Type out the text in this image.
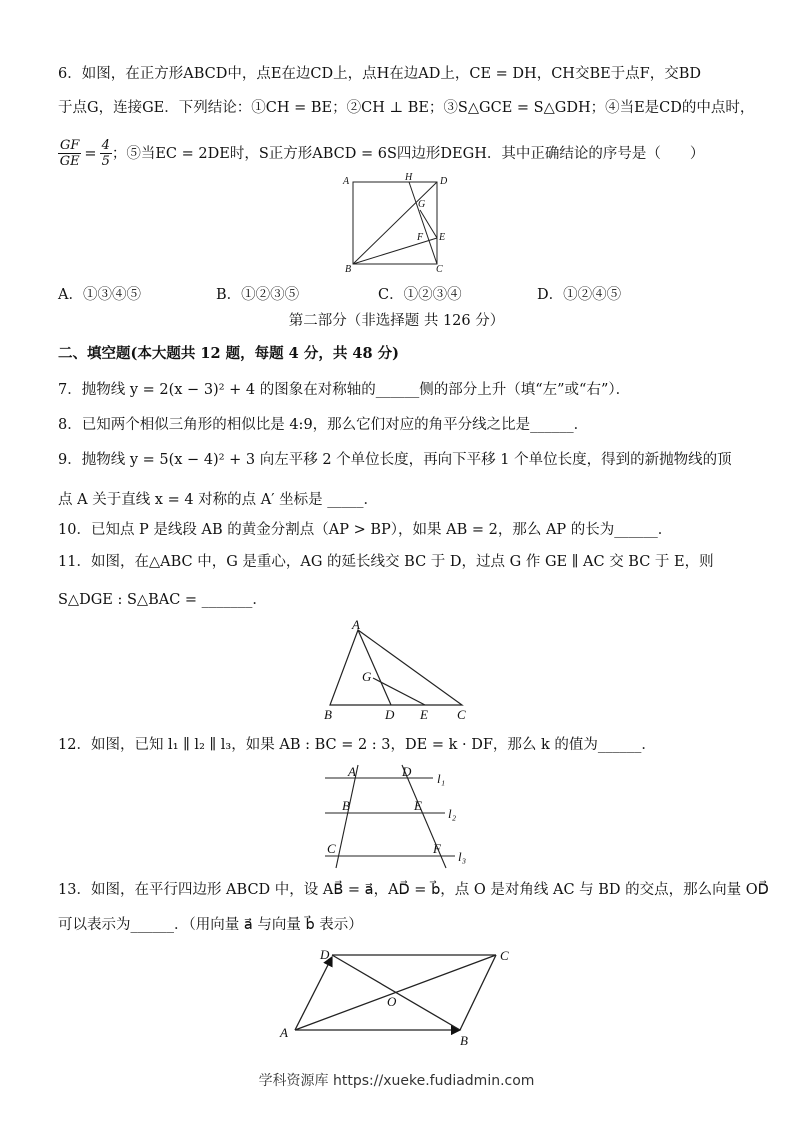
6．如图，在正方形ABCD中，点E在边CD上，点H在边AD上，CE = DH，CH交BE于点F，交BD
于点G，连接GE．下列结论：①CH = BE；②CH ⊥ BE；③S△GCE = S△GDH；④当E是CD的中点时，
$\frac{GF}{GE} = \frac{4}{5}$ ；⑤当EC = 2DE时，S正方形ABCD = 6S四边形DEGH．其中正确结论的序号是（　　）
A	H	D
G
F E
B	C
A．①③④⑤	B．①②③⑤	C．①②③④	D．①②④⑤
第二部分（非选择题 共 126 分）
二、填空题(本大题共 12 题，每题 4 分，共 48 分)
7．抛物线 y = 2(x − 3)² + 4 的图象在对称轴的______侧的部分上升（填“左”或“右”）．
8．已知两个相似三角形的相似比是 4:9，那么它们对应的角平分线之比是______．
9．抛物线 y = 5(x − 4)² + 3 向左平移 2 个单位长度，再向下平移 1 个单位长度，得到的新抛物线的顶
点 A 关于直线 x = 4 对称的点 A′ 坐标是 _____．
10．已知点 P 是线段 AB 的黄金分割点（AP > BP），如果 AB = 2，那么 AP 的长为______．
11．如图，在△ABC 中，G 是重心，AG 的延长线交 BC 于 D，过点 G 作 GE ∥ AC 交 BC 于 E，则
S△DGE : S△BAC = _______．
A
G
B	D E C
12．如图，已知 l₁ ∥ l₂ ∥ l₃，如果 AB : BC = 2 : 3，DE = k · DF，那么 k 的值为______．
A	D l₁
B	E
l₂
C	F
l₃
13．如图，在平行四边形 ABCD 中，设 AB⃗ = a⃗，AD⃗ = b⃗，点 O 是对角线 AC 与 BD 的交点，那么向量 OD⃗
可以表示为______．（用向量 a⃗ 与向量 b⃗ 表示）
D	C
O
A
B
学科资源库 https://xueke.fudiadmin.com
